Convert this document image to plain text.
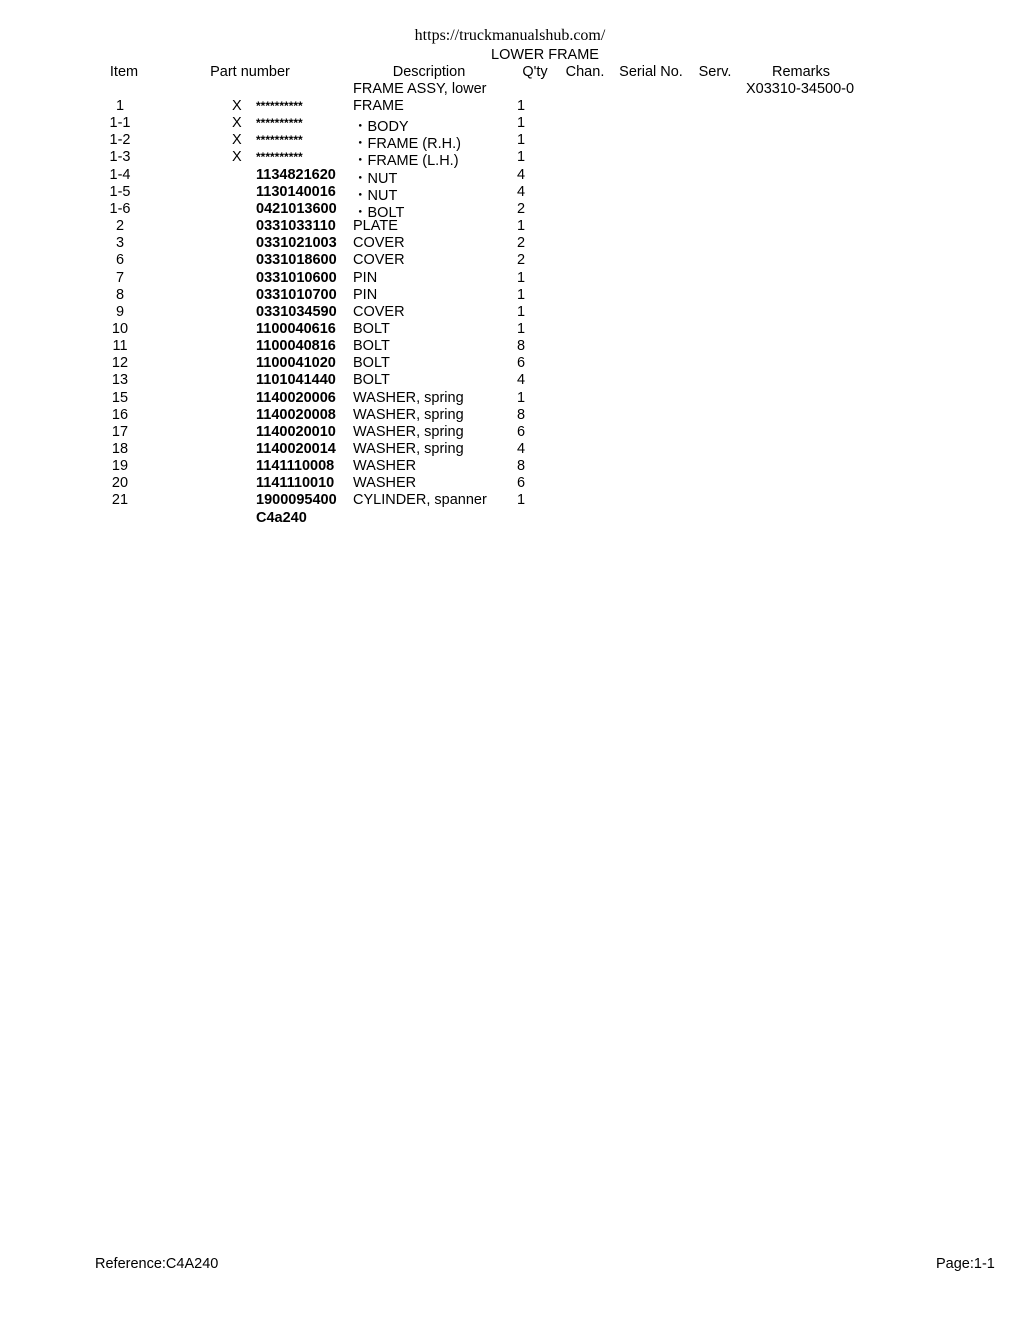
https://truckmanualshub.com/
LOWER FRAME
Item	Part number	Description	Q'ty Chan. Serial No. Serv.	Remarks
FRAME ASSY, lower	X03310-34500-0
1	X **********	FRAME	1
1-1	X **********	・BODY	1
1-2	X **********	・FRAME (R.H.)	1
1-3	X **********	・FRAME (L.H.)	1
1-4	1134821620 ・NUT	4
1-5	1130140016 ・NUT	4
1-6	0421013600 ・BOLT	2
2	0331033110 PLATE	1
3	0331021003 COVER	2
6	0331018600 COVER	2
7	0331010600 PIN	1
8	0331010700 PIN	1
9	0331034590 COVER	1
10	1100040616 BOLT	1
11	1100040816 BOLT	8
12	1100041020 BOLT	6
13	1101041440 BOLT	4
15	1140020006 WASHER, spring	1
16	1140020008 WASHER, spring	8
17	1140020010 WASHER, spring	6
18	1140020014 WASHER, spring	4
19	1141110008 WASHER	8
20	1141110010 WASHER	6
21	1900095400 CYLINDER, spanner 1
C4a240
Reference:C4A240	Page:1-1
